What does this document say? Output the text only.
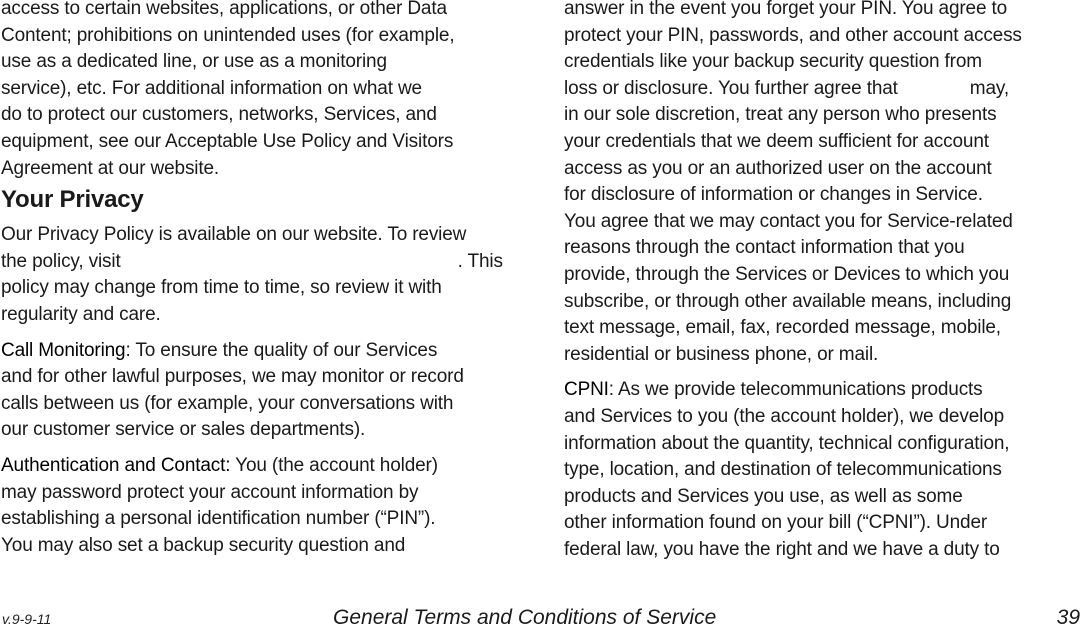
access to certain websites, applications, or other Data
Content; prohibitions on unintended uses (for example,
use as a dedicated line, or use as a monitoring
service), etc. For additional information on what we
do to protect our customers, networks, Services, and
equipment, see our Acceptable Use Policy and Visitors
Agreement at our website.
Your Privacy
Our Privacy Policy is available on our website. To review
the policy, visit	. This
policy may change from time to time, so review it with
regularity and care.
Call Monitoring: To ensure the quality of our Services
and for other lawful purposes, we may monitor or record
calls between us (for example, your conversations with
our customer service or sales departments).
Authentication and Contact: You (the account holder)
may password protect your account information by
establishing a personal identification number (“PIN”).
You may also set a backup security question and
answer in the event you forget your PIN. You agree to
protect your PIN, passwords, and other account access
credentials like your backup security question from
loss or disclosure. You further agree that	may,
in our sole discretion, treat any person who presents
your credentials that we deem sufficient for account
access as you or an authorized user on the account
for disclosure of information or changes in Service.
You agree that we may contact you for Service-related
reasons through the contact information that you
provide, through the Services or Devices to which you
subscribe, or through other available means, including
text message, email, fax, recorded message, mobile,
residential or business phone, or mail.
CPNI: As we provide telecommunications products
and Services to you (the account holder), we develop
information about the quantity, technical configuration,
type, location, and destination of telecommunications
products and Services you use, as well as some
other information found on your bill (“CPNI”). Under
federal law, you have the right and we have a duty to
v.9-9-11	General Terms and Conditions of Service	39
